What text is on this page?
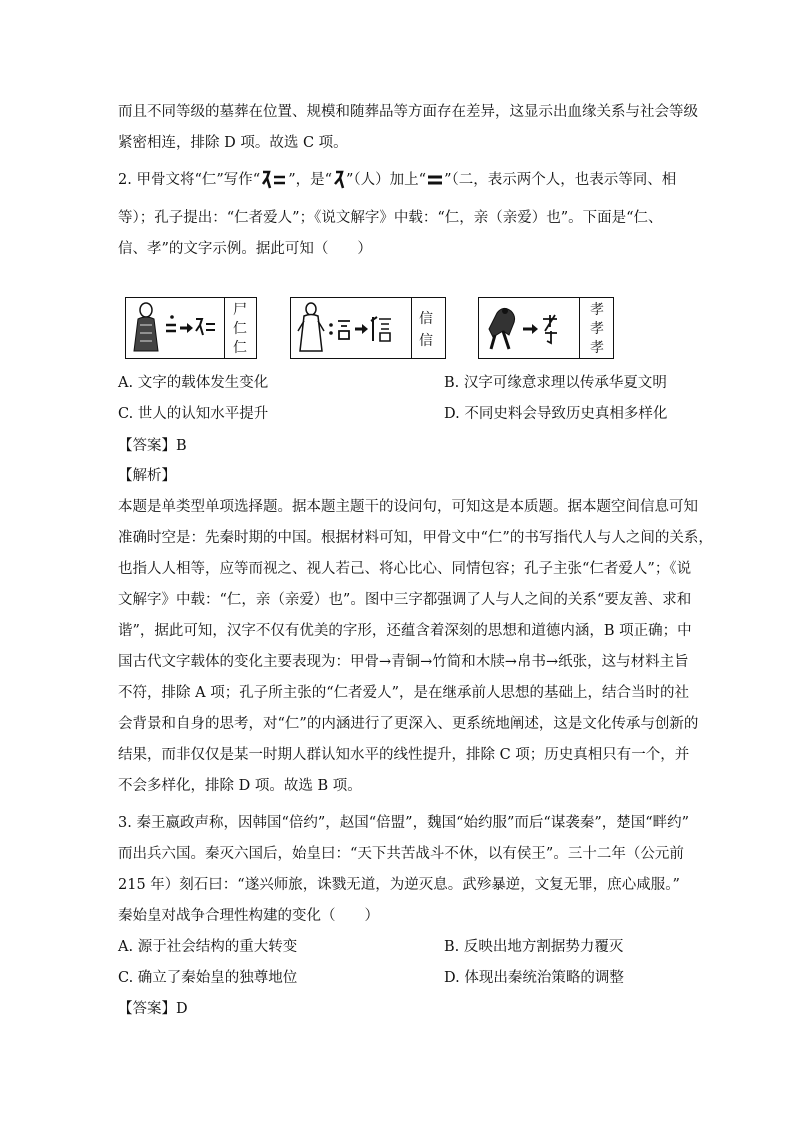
而且不同等级的墓葬在位置、规模和随葬品等方面存在差异，这显示出血缘关系与社会等级
紧密相连，排除 D 项。故选 C 项。
2. 甲骨文将“仁”写作“ ”，是“ ”（人）加上“ ”（二，表示两个人，也表示等同、相
等）；孔子提出：“仁者爱人”；《说文解字》中载：“仁，亲（亲爱）也”。下面是“仁、
信、孝”的文字示例。据此可知（　　）
尸
仁
仁
信
信
孝
孝
孝
A. 文字的载体发生变化	B. 汉字可缘意求理以传承华夏文明
C. 世人的认知水平提升	D. 不同史料会导致历史真相多样化
【答案】B
【解析】
本题是单类型单项选择题。据本题主题干的设问句，可知这是本质题。据本题空间信息可知
准确时空是：先秦时期的中国。根据材料可知，甲骨文中“仁”的书写指代人与人之间的关系，
也指人人相等，应等而视之、视人若己、将心比心、同情包容；孔子主张“仁者爱人”；《说
文解字》中载：“仁，亲（亲爱）也”。图中三字都强调了人与人之间的关系“要友善、求和
谐”，据此可知，汉字不仅有优美的字形，还蕴含着深刻的思想和道德内涵，B 项正确；中
国古代文字载体的变化主要表现为：甲骨→青铜→竹简和木牍→帛书→纸张，这与材料主旨
不符，排除 A 项；孔子所主张的“仁者爱人”，是在继承前人思想的基础上，结合当时的社
会背景和自身的思考，对“仁”的内涵进行了更深入、更系统地阐述，这是文化传承与创新的
结果，而非仅仅是某一时期人群认知水平的线性提升，排除 C 项；历史真相只有一个，并
不会多样化，排除 D 项。故选 B 项。
3. 秦王嬴政声称，因韩国“倍约”，赵国“倍盟”，魏国“始约服”而后“谋袭秦”，楚国“畔约”
而出兵六国。秦灭六国后，始皇曰：“天下共苦战斗不休，以有侯王”。三十二年（公元前
215 年）刻石曰：“遂兴师旅，诛戮无道，为逆灭息。武殄暴逆，文复无罪，庶心咸服。”
秦始皇对战争合理性构建的变化（　　）
A. 源于社会结构的重大转变	B. 反映出地方割据势力覆灭
C. 确立了秦始皇的独尊地位	D. 体现出秦统治策略的调整
【答案】D
